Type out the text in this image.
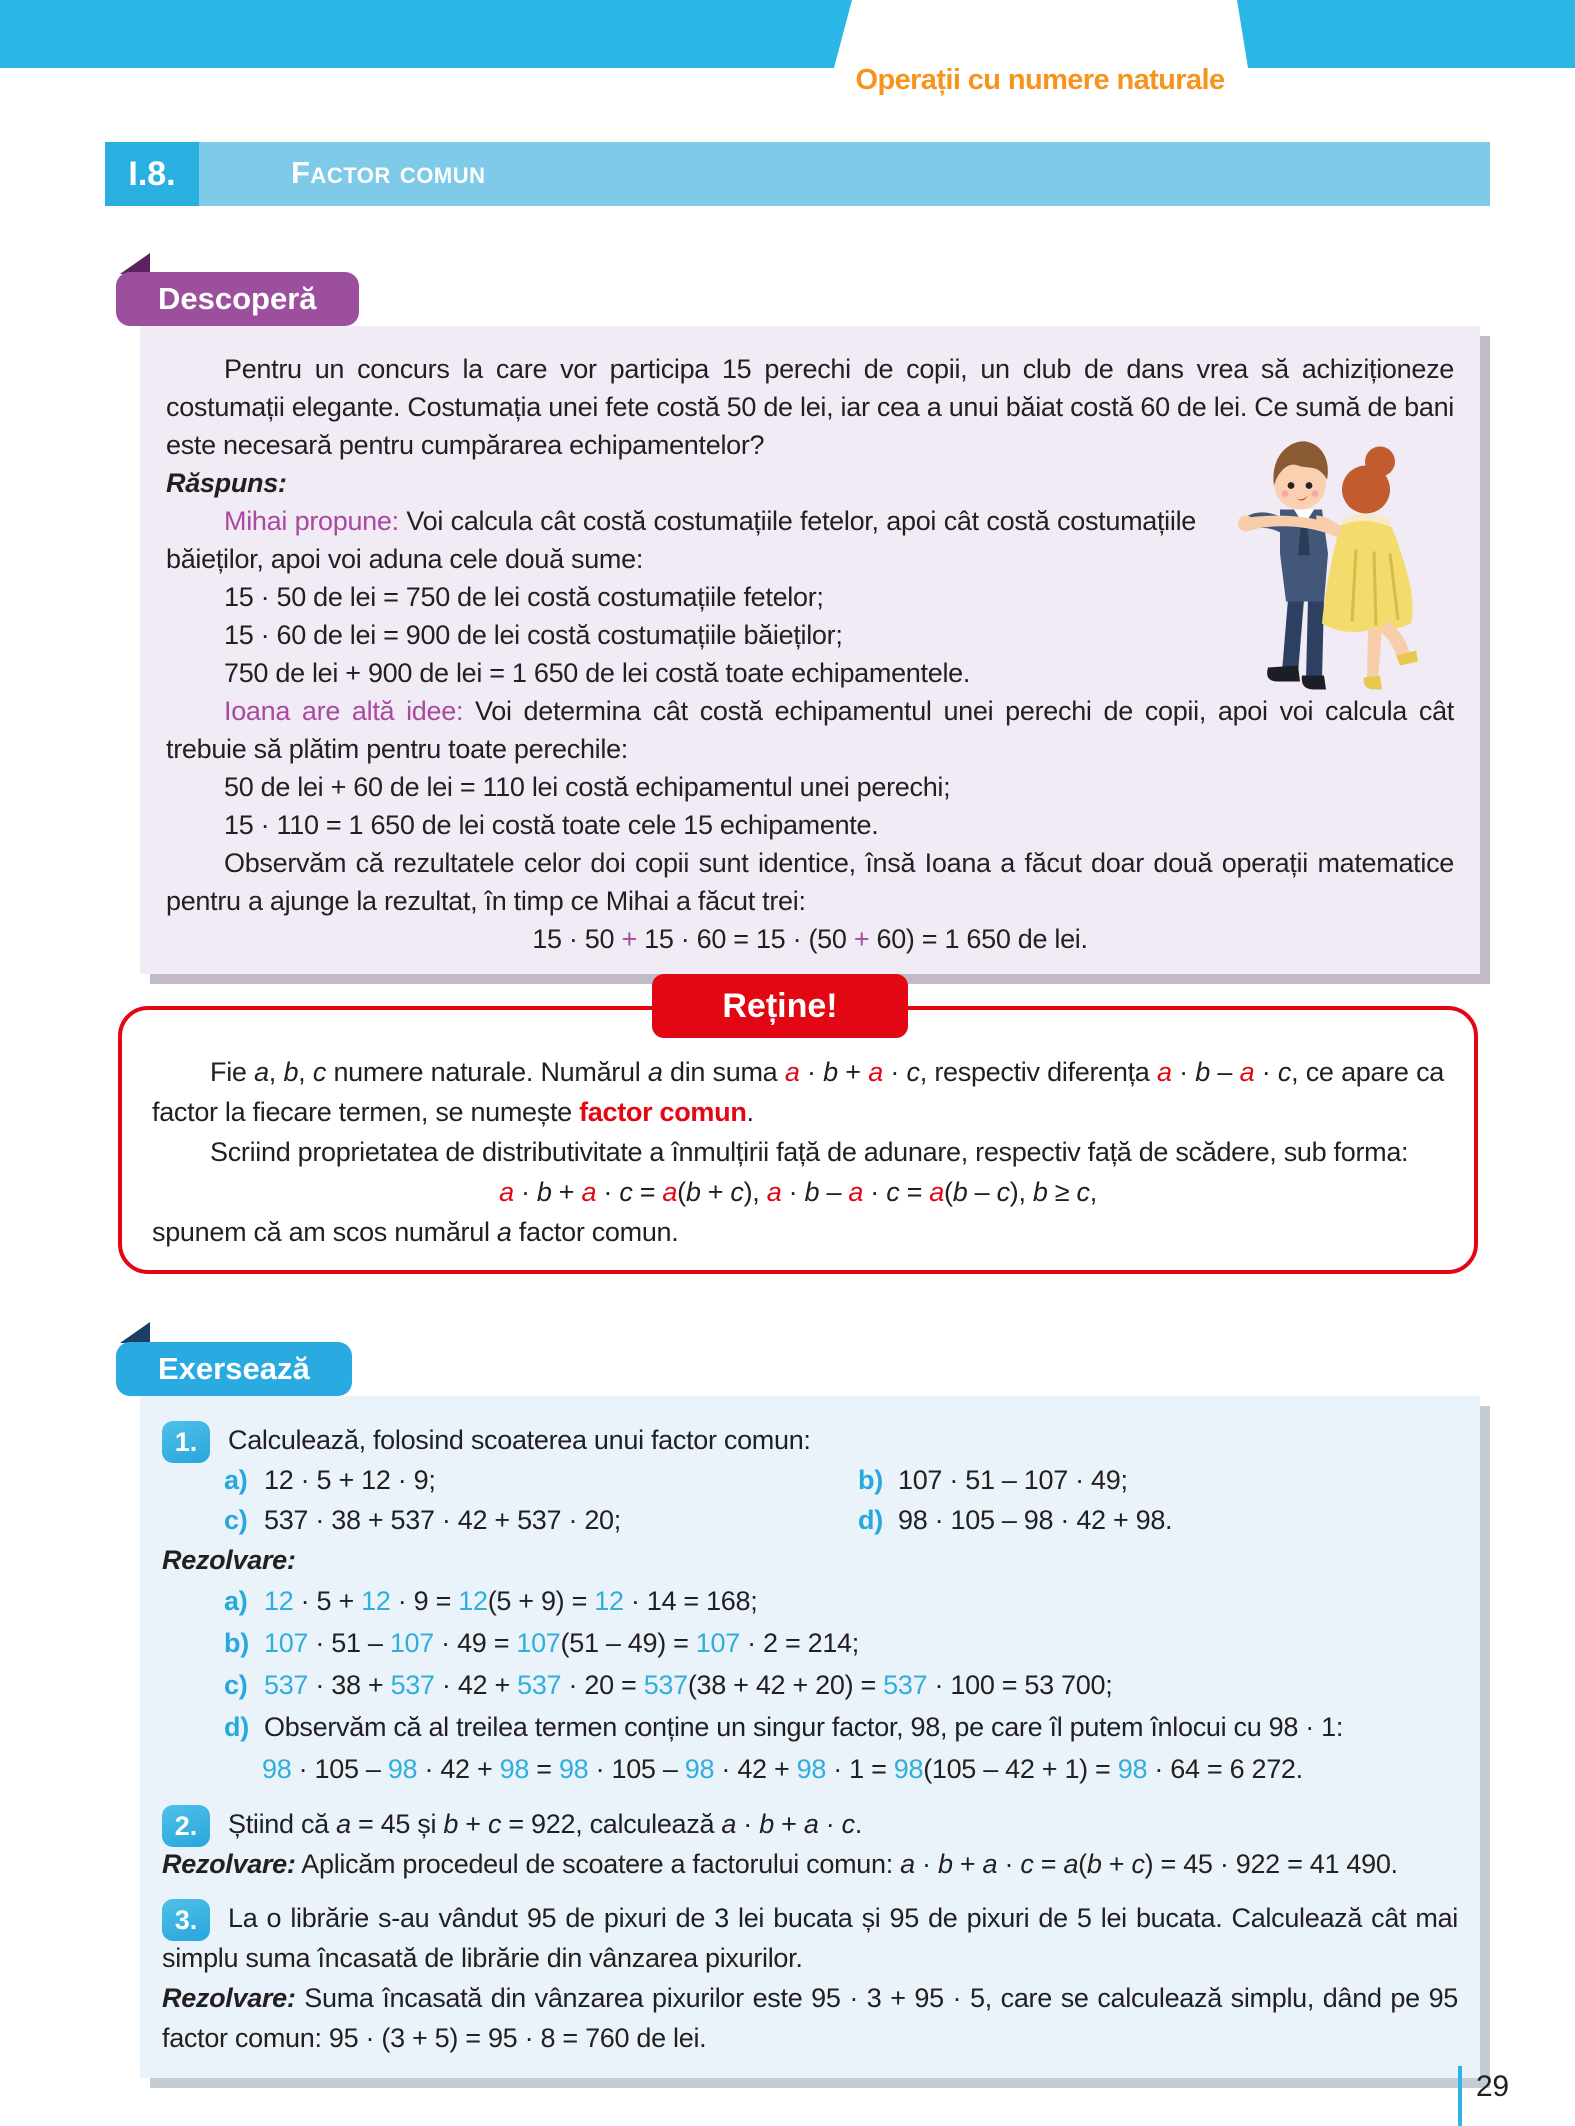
Operații cu numere naturale
I.8.	Factor comun
Descoperă
Pentru un concurs la care vor participa 15 perechi de copii, un club de dans vrea să achiziționeze costumații elegante. Costumația unei fete costă 50 de lei, iar cea a unui băiat costă 60 de lei. Ce sumă de bani este necesară pentru cumpărarea echipamentelor?
Răspuns:
Mihai propune: Voi calcula cât costă costumațiile fetelor, apoi cât costă costumațiile băieților, apoi voi aduna cele două sume:
15 · 50 de lei = 750 de lei costă costumațiile fetelor;
15 · 60 de lei = 900 de lei costă costumațiile băieților;
750 de lei + 900 de lei = 1 650 de lei costă toate echipamentele.
Ioana are altă idee: Voi determina cât costă echipamentul unei perechi de copii, apoi voi calcula cât trebuie să plătim pentru toate perechile:
50 de lei + 60 de lei = 110 lei costă echipamentul unei perechi;
15 · 110 = 1 650 de lei costă toate cele 15 echipamente.
Observăm că rezultatele celor doi copii sunt identice, însă Ioana a făcut doar două operații matematice pentru a ajunge la rezultat, în timp ce Mihai a făcut trei:
15 · 50 + 15 · 60 = 15 · (50 + 60) = 1 650 de lei.
Reține!
Fie a, b, c numere naturale. Numărul a din suma a · b + a · c, respectiv diferența a · b – a · c, ce apare ca factor la fiecare termen, se numește factor comun.
Scriind proprietatea de distributivitate a înmulțirii față de adunare, respectiv față de scădere, sub forma:
a · b + a · c = a(b + c), a · b – a · c = a(b – c), b ≥ c,
spunem că am scos numărul a factor comun.
Exersează
1.	Calculează, folosind scoaterea unui factor comun:
a) 12 · 5 + 12 · 9;	b) 107 · 51 – 107 · 49;
c) 537 · 38 + 537 · 42 + 537 · 20;	d) 98 · 105 – 98 · 42 + 98.
Rezolvare:
a) 12 · 5 + 12 · 9 = 12(5 + 9) = 12 · 14 = 168;
b) 107 · 51 – 107 · 49 = 107(51 – 49) = 107 · 2 = 214;
c) 537 · 38 + 537 · 42 + 537 · 20 = 537(38 + 42 + 20) = 537 · 100 = 53 700;
d) Observăm că al treilea termen conține un singur factor, 98, pe care îl putem înlocui cu 98 · 1:
98 · 105 – 98 · 42 + 98 = 98 · 105 – 98 · 42 + 98 · 1 = 98(105 – 42 + 1) = 98 · 64 = 6 272.
2.	Știind că a = 45 și b + c = 922, calculează a · b + a · c.
Rezolvare: Aplicăm procedeul de scoatere a factorului comun: a · b + a · c = a(b + c) = 45 · 922 = 41 490.
3.	La o librărie s-au vândut 95 de pixuri de 3 lei bucata și 95 de pixuri de 5 lei bucata. Calculează cât mai simplu suma încasată de librărie din vânzarea pixurilor.
Rezolvare: Suma încasată din vânzarea pixurilor este 95 · 3 + 95 · 5, care se calculează simplu, dând pe 95 factor comun: 95 · (3 + 5) = 95 · 8 = 760 de lei.
29
